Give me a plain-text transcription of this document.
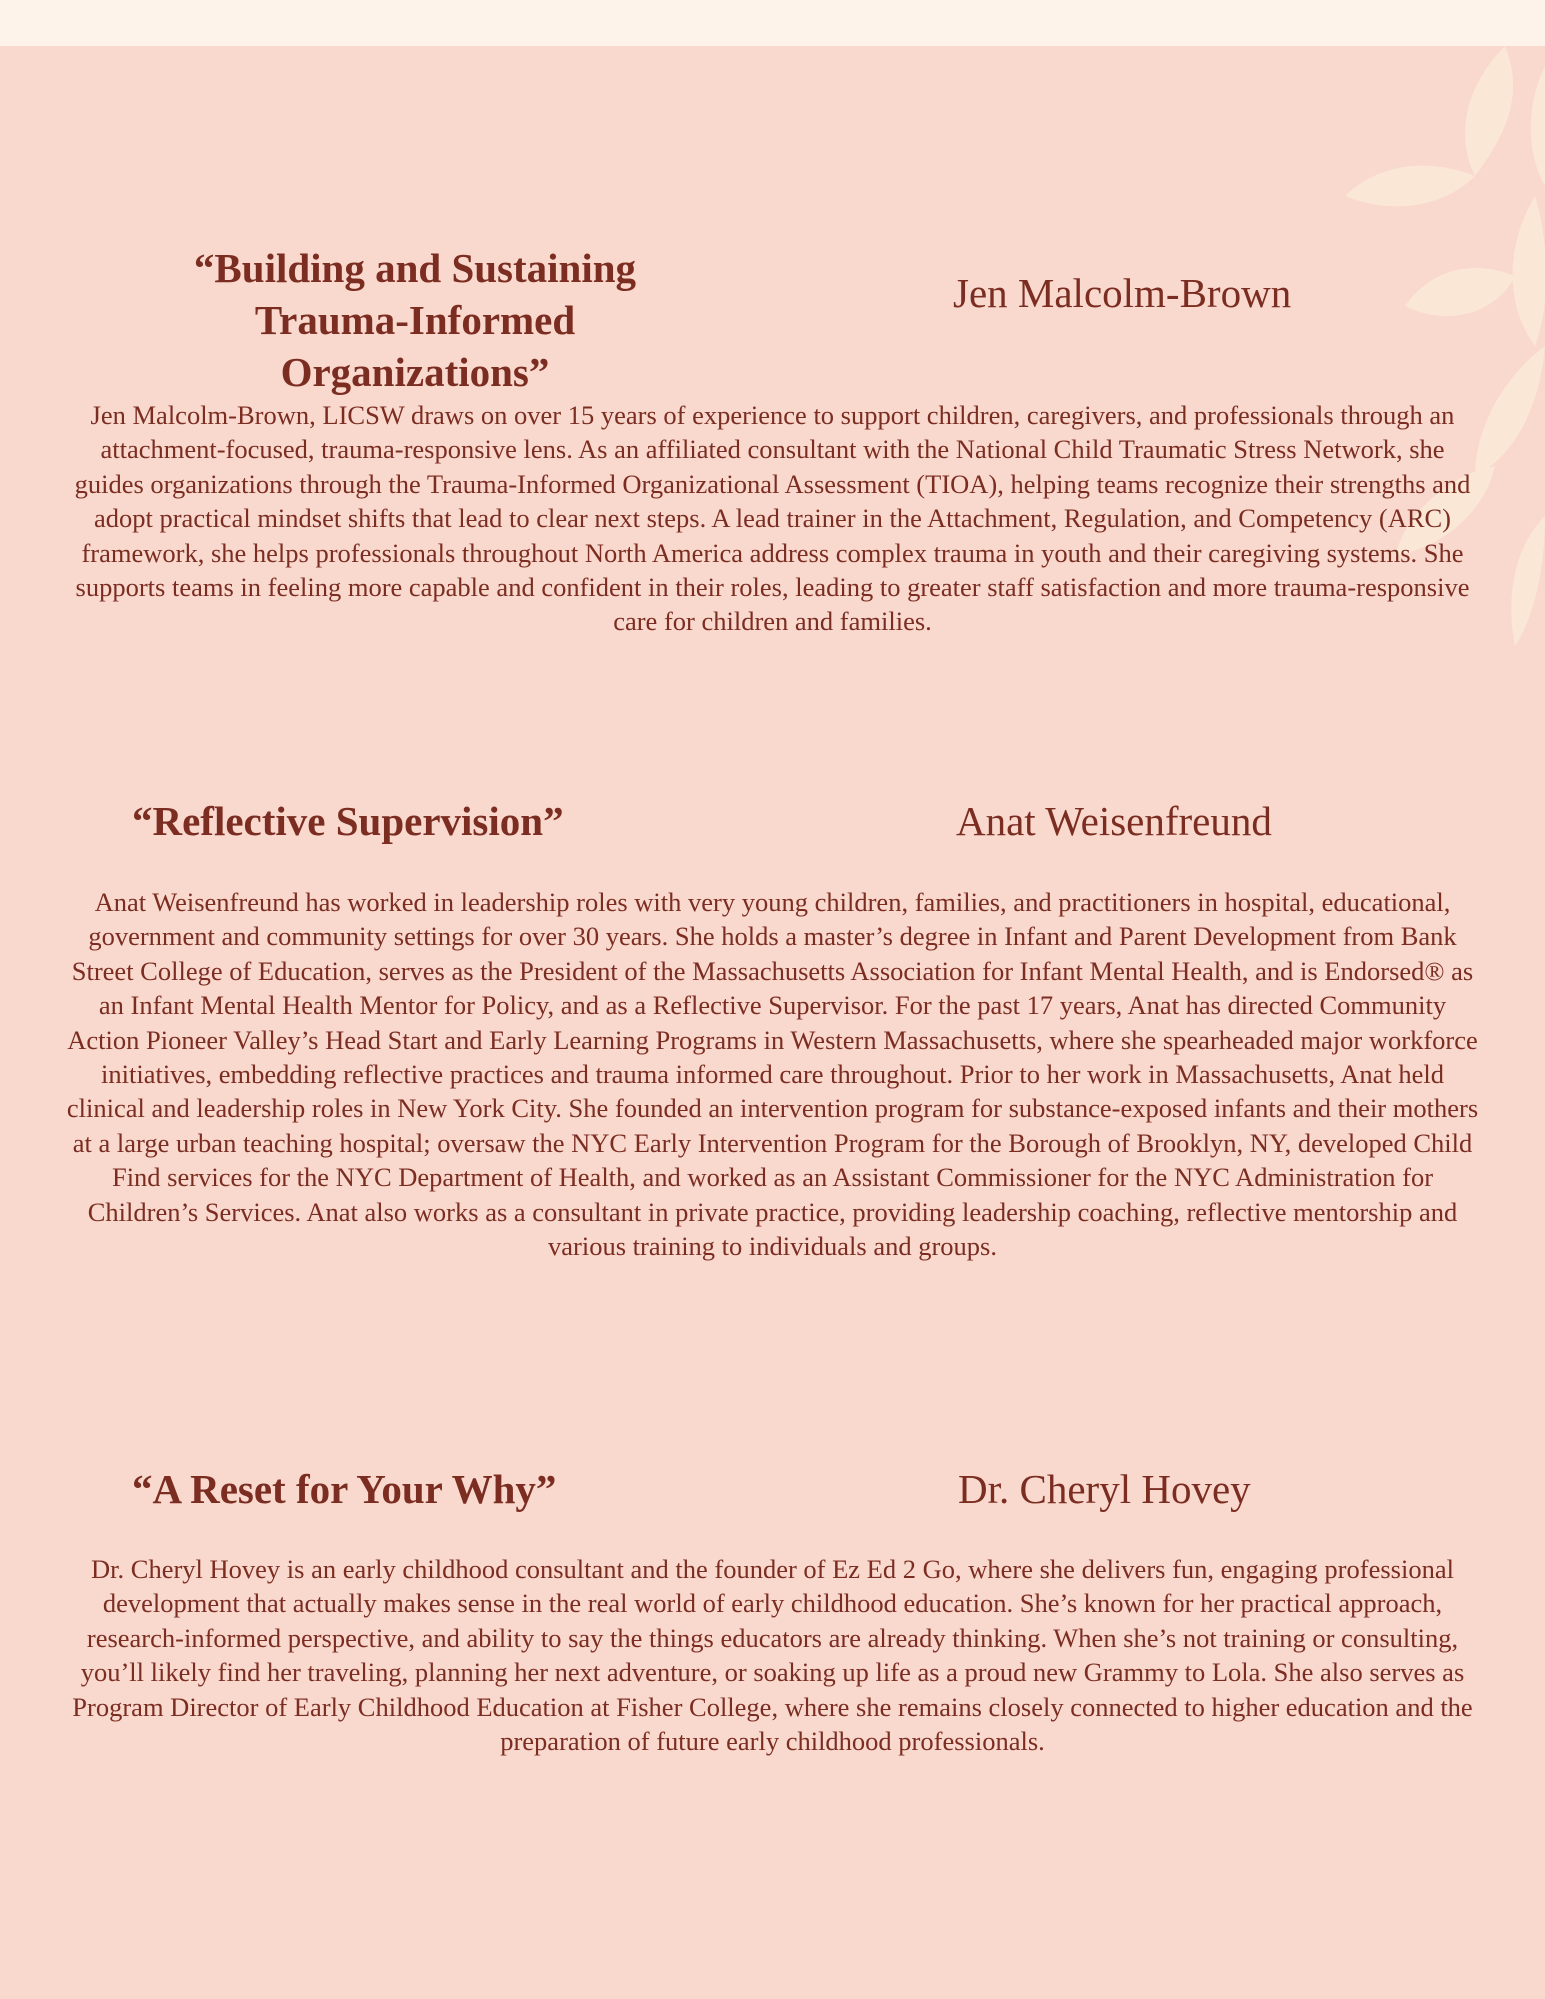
“Building and Sustaining Trauma-Informed Organizations”
Jen Malcolm-Brown
Jen Malcolm-Brown, LICSW draws on over 15 years of experience to support children, caregivers, and professionals through an attachment-focused, trauma-responsive lens. As an affiliated consultant with the National Child Traumatic Stress Network, she guides organizations through the Trauma-Informed Organizational Assessment (TIOA), helping teams recognize their strengths and adopt practical mindset shifts that lead to clear next steps. A lead trainer in the Attachment, Regulation, and Competency (ARC) framework, she helps professionals throughout North America address complex trauma in youth and their caregiving systems. She supports teams in feeling more capable and confident in their roles, leading to greater staff satisfaction and more trauma-responsive care for children and families.
“Reflective Supervision”	Anat Weisenfreund
Anat Weisenfreund has worked in leadership roles with very young children, families, and practitioners in hospital, educational, government and community settings for over 30 years. She holds a master’s degree in Infant and Parent Development from Bank Street College of Education, serves as the President of the Massachusetts Association for Infant Mental Health, and is Endorsed® as an Infant Mental Health Mentor for Policy, and as a Reflective Supervisor. For the past 17 years, Anat has directed Community Action Pioneer Valley’s Head Start and Early Learning Programs in Western Massachusetts, where she spearheaded major workforce initiatives, embedding reflective practices and trauma informed care throughout. Prior to her work in Massachusetts, Anat held clinical and leadership roles in New York City. She founded an intervention program for substance-exposed infants and their mothers at a large urban teaching hospital; oversaw the NYC Early Intervention Program for the Borough of Brooklyn, NY, developed Child Find services for the NYC Department of Health, and worked as an Assistant Commissioner for the NYC Administration for Children’s Services. Anat also works as a consultant in private practice, providing leadership coaching, reflective mentorship and various training to individuals and groups.
“A Reset for Your Why”	Dr. Cheryl Hovey
Dr. Cheryl Hovey is an early childhood consultant and the founder of Ez Ed 2 Go, where she delivers fun, engaging professional development that actually makes sense in the real world of early childhood education. She’s known for her practical approach, research-informed perspective, and ability to say the things educators are already thinking. When she’s not training or consulting, you’ll likely find her traveling, planning her next adventure, or soaking up life as a proud new Grammy to Lola. She also serves as Program Director of Early Childhood Education at Fisher College, where she remains closely connected to higher education and the preparation of future early childhood professionals.
